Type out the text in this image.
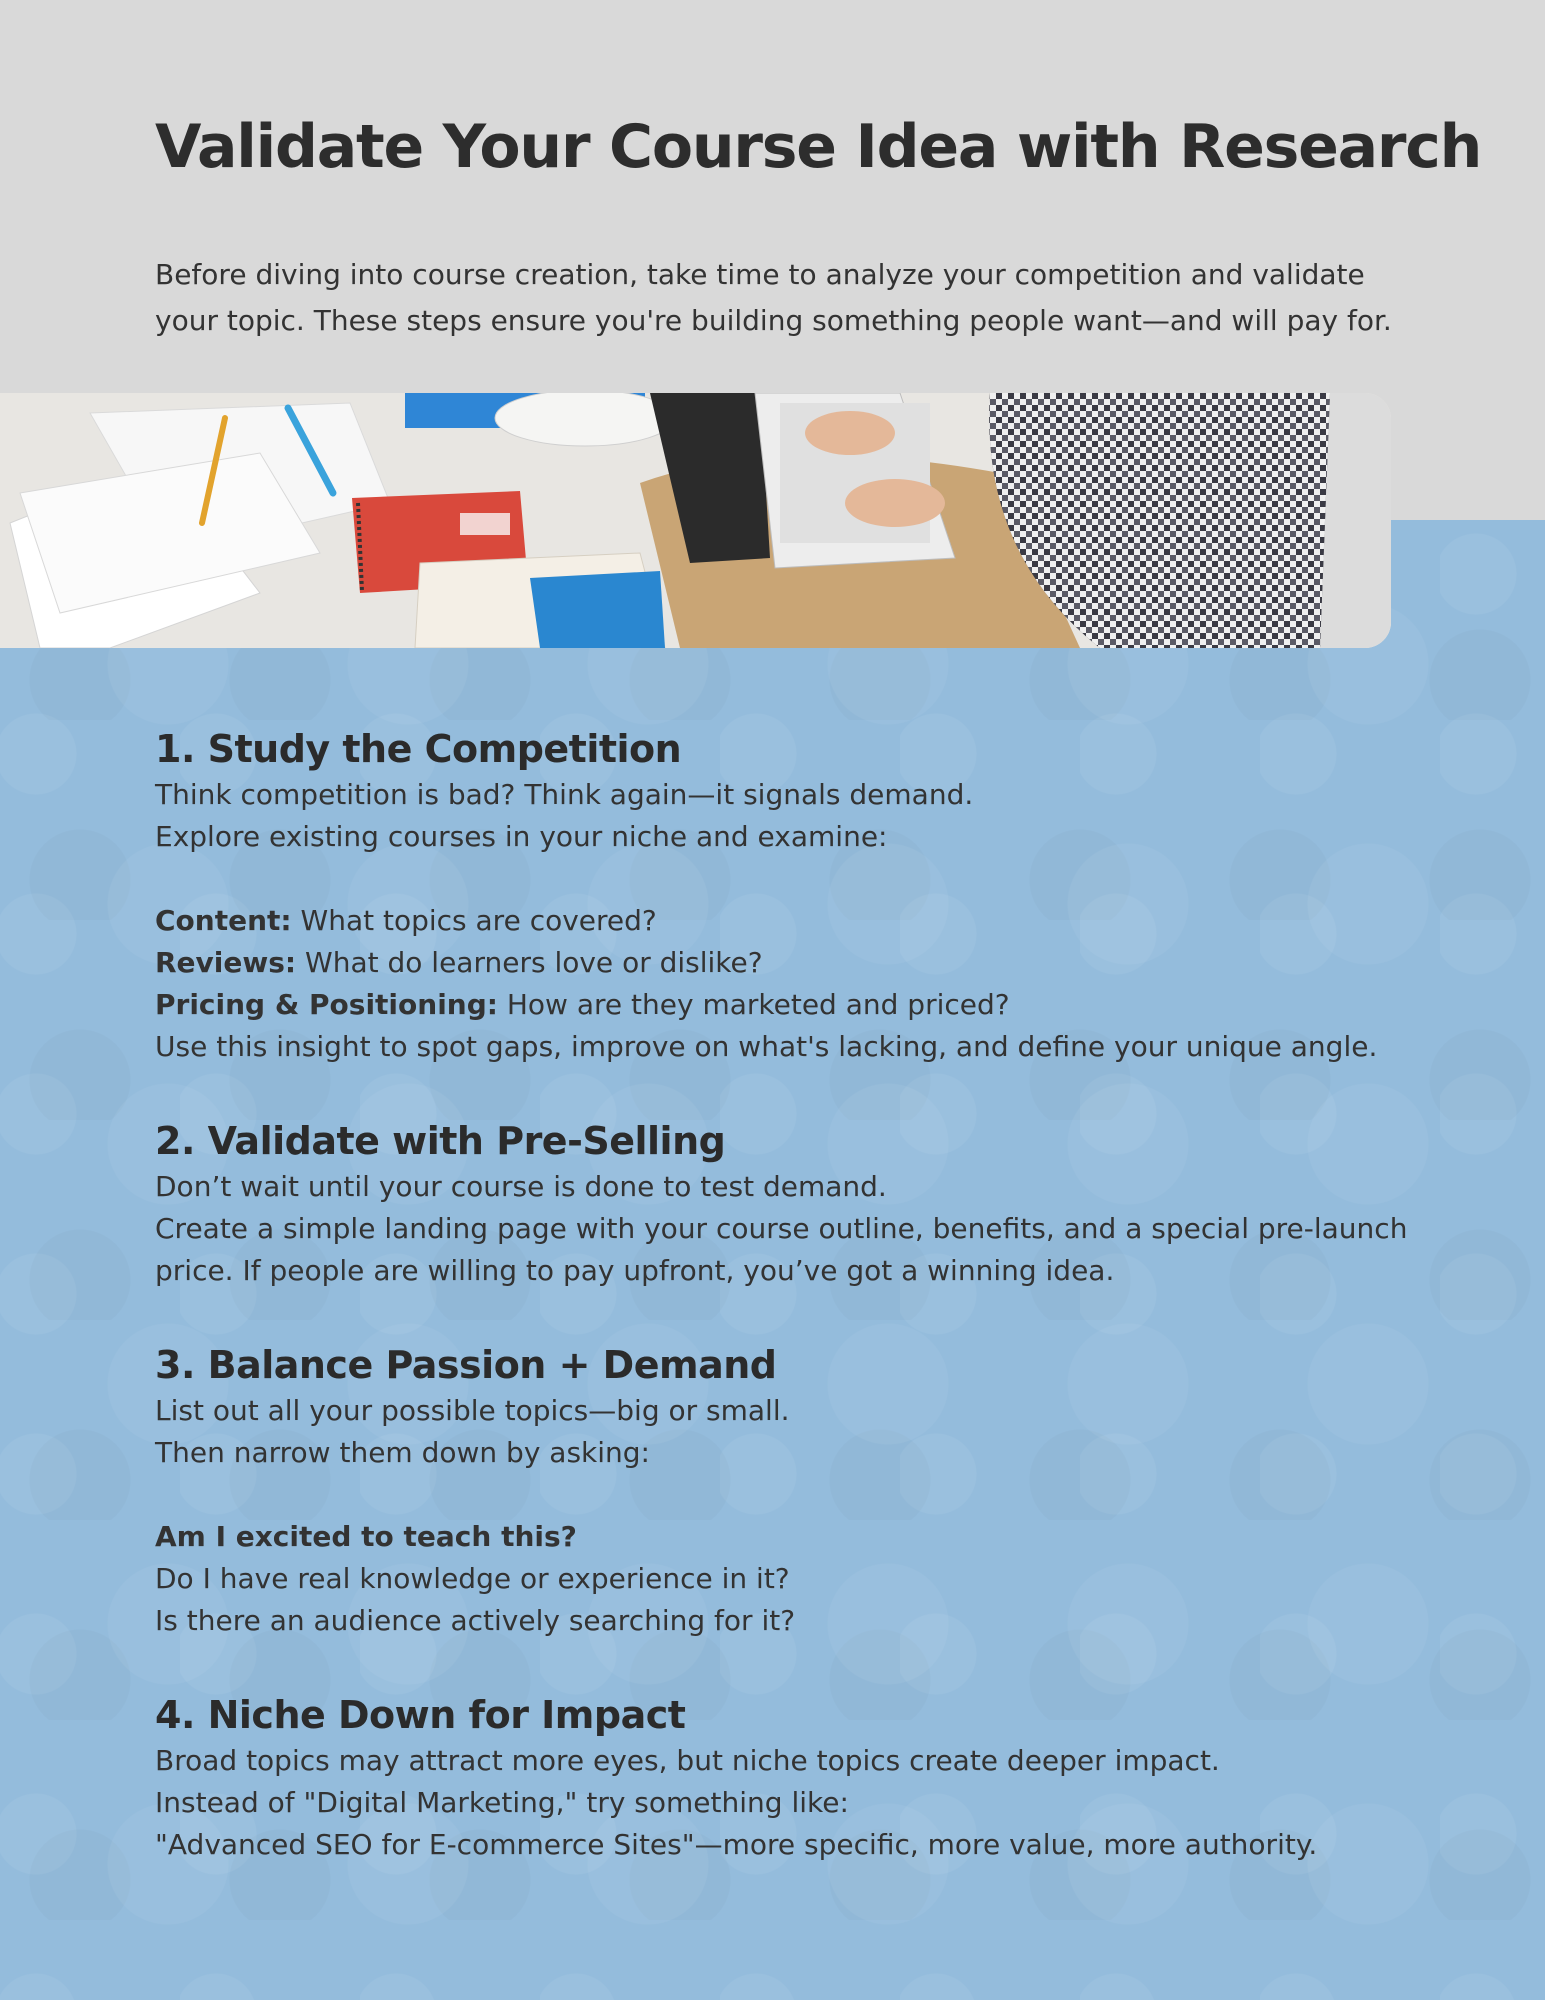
Validate Your Course Idea with Research

Before diving into course creation, take time to analyze your competition and validate your topic. These steps ensure you're building something people want—and will pay for.

1. Study the Competition

Think competition is bad? Think again—it signals demand.

Explore existing courses in your niche and examine:

Content: What topics are covered?

Reviews: What do learners love or dislike?

Pricing & Positioning: How are they marketed and priced?

Use this insight to spot gaps, improve on what's lacking, and define your unique angle.

2. Validate with Pre-Selling

Don’t wait until your course is done to test demand.

Create a simple landing page with your course outline, benefits, and a special pre-launch price. If people are willing to pay upfront, you’ve got a winning idea.

3. Balance Passion + Demand

List out all your possible topics—big or small.

Then narrow them down by asking:

Am I excited to teach this?

Do I have real knowledge or experience in it?

Is there an audience actively searching for it?

4. Niche Down for Impact

Broad topics may attract more eyes, but niche topics create deeper impact.

Instead of "Digital Marketing," try something like:

"Advanced SEO for E-commerce Sites"—more specific, more value, more authority.
